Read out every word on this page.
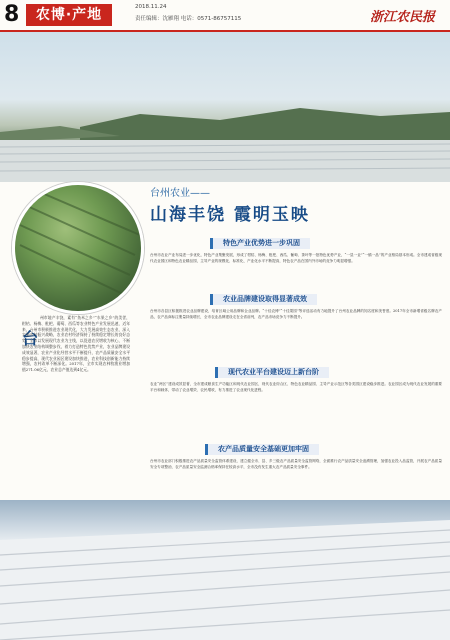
8	农博·产地	2018.11.24
责任编辑：沈雁翔 电话：0571-86757115	浙江农民报
台州农业——
山海丰饶 霞明玉映
特色产业优势进一步巩固
农业品牌建设取得显著成效
现代农业平台建设迈上新台阶
农产品质量安全基础更加牢固
台州市农业产业布局进一步优化，特色产业集聚发展，形成了柑桔、杨梅、枇杷、西瓜、葡萄、茶叶等一批特色优势产业，“一县一业”“一镇一品”的产业格局基本形成。全市建成省级现代农业园区和特色农业精品园，主导产业的规模化、标准化、产业化水平不断提高，特色农产品在国内外市场的竞争力明显增强。
台州市各县区积极推进农业品牌建设，培育区域公用品牌和企业品牌。“十佳农博”“十佳果园”等评选活动有力地提升了台州农业品牌的知名度和美誉度。2017年全市新增省级名牌农产品，农产品商标注册量持续增长，全市农业品牌建设走在全省前列，农产品市场竞争力不断提升。
农业“两区”建设成效显著，全市建成粮食生产功能区和现代农业园区，现代农业综合区、特色农业精品园、主导产业示范区等各类园区建设稳步推进。农业园区成为现代农业发展的重要平台和载体，带动了农业增效、农民增收，有力推进了农业现代化进程。
台州市农业部门积极推进农产品质量安全监管体系建设，建立健全市、县、乡三级农产品质量安全监管网络，全面推行农产品质量安全追溯管理，加强农业投入品监管，开展农产品质量安全专项整治，农产品质量安全监测合格率保持在较高水平，全市没有发生重大农产品质量安全事件。
台
州市地产丰饶，素有“鱼米之乡”“水果之乡”的美誉，柑桔、杨梅、枇杷、葡萄、西瓜等农业特色产业发展迅速，近年来，台州市积极推进农业现代化，大力发展高效生态农业，深入实施乡村振兴战略，农业农村经济保持了持续稳定增长的良好态势。全市以发展现代农业为主线，以促进农民增收为核心，不断加快农业结构调整步伐，着力打造特色优势产业，农业品牌建设成效显著，农业产业化经营水平不断提升，农产品质量安全水平稳步提高，现代农业园区建设加快推进，农业科技创新能力持续增强，农村改革不断深化。2017年，全市实现农林牧渔业增加值271.06亿元，农业总产值达到4亿元。
